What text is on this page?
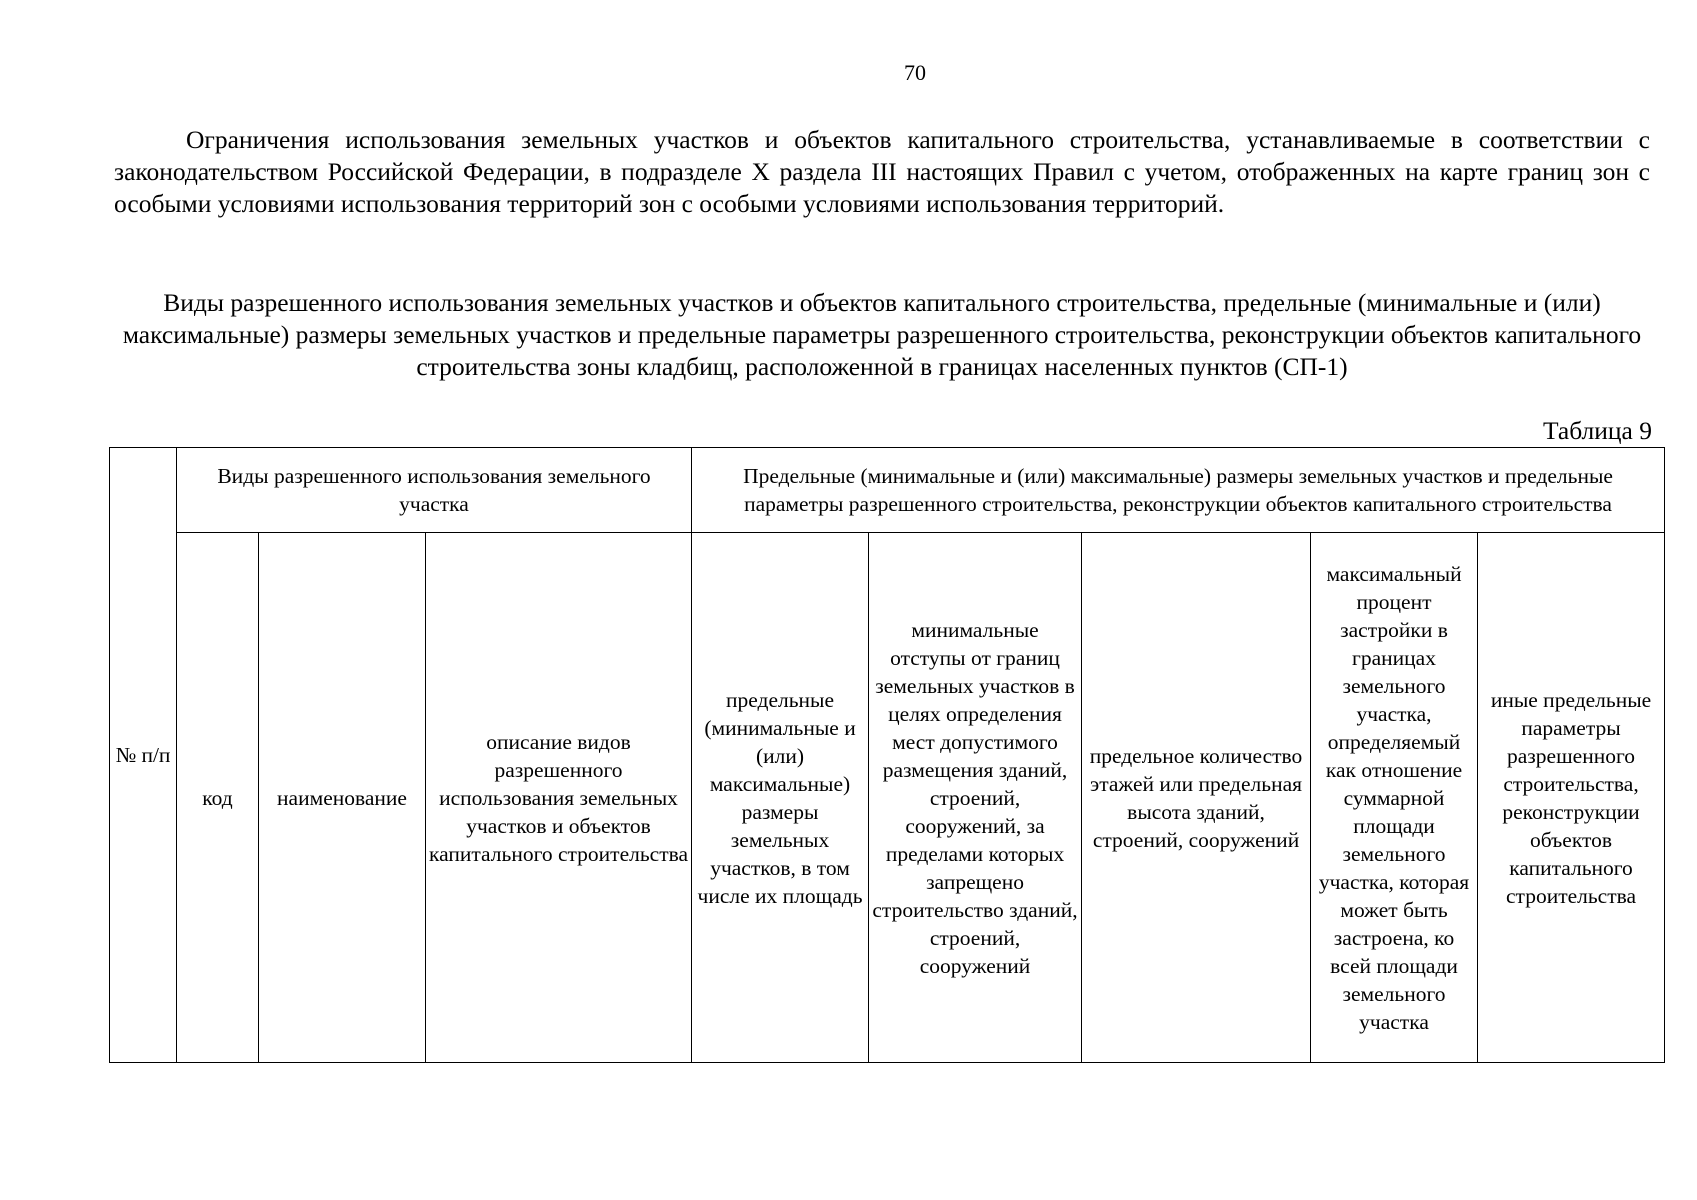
70

Ограничения использования земельных участков и объектов капитального строительства, устанавливаемые в соответствии с законодательством Российской Федерации, в подразделе X раздела III настоящих Правил с учетом, отображенных на карте границ зон с особыми условиями использования территорий зон с особыми условиями использования территорий.

Виды разрешенного использования земельных участков и объектов капитального строительства, предельные (минимальные и (или) максимальные) размеры земельных участков и предельные параметры разрешенного строительства, реконструкции объектов капитального строительства зоны кладбищ, расположенной в границах населенных пунктов (СП-1)

Таблица 9
№ п/п	Виды разрешенного использования земельного участка			Предельные (минимальные и (или) максимальные) размеры земельных участков и предельные параметры разрешенного строительства, реконструкции объектов капитального строительства				
	код	наименование	описание видов разрешенного использования земельных участков и объектов капитального строительства	предельные (минимальные и (или) максимальные) размеры земельных участков, в том числе их площадь	минимальные отступы от границ земельных участков в целях определения мест допустимого размещения зданий, строений, сооружений, за пределами которых запрещено строительство зданий, строений, сооружений	предельное количество этажей или предельная высота зданий, строений, сооружений	максимальный процент застройки в границах земельного участка, определяемый как отношение суммарной площади земельного участка, которая может быть застроена, ко всей площади земельного участка	иные предельные параметры разрешенного строительства, реконструкции объектов капитального строительства
